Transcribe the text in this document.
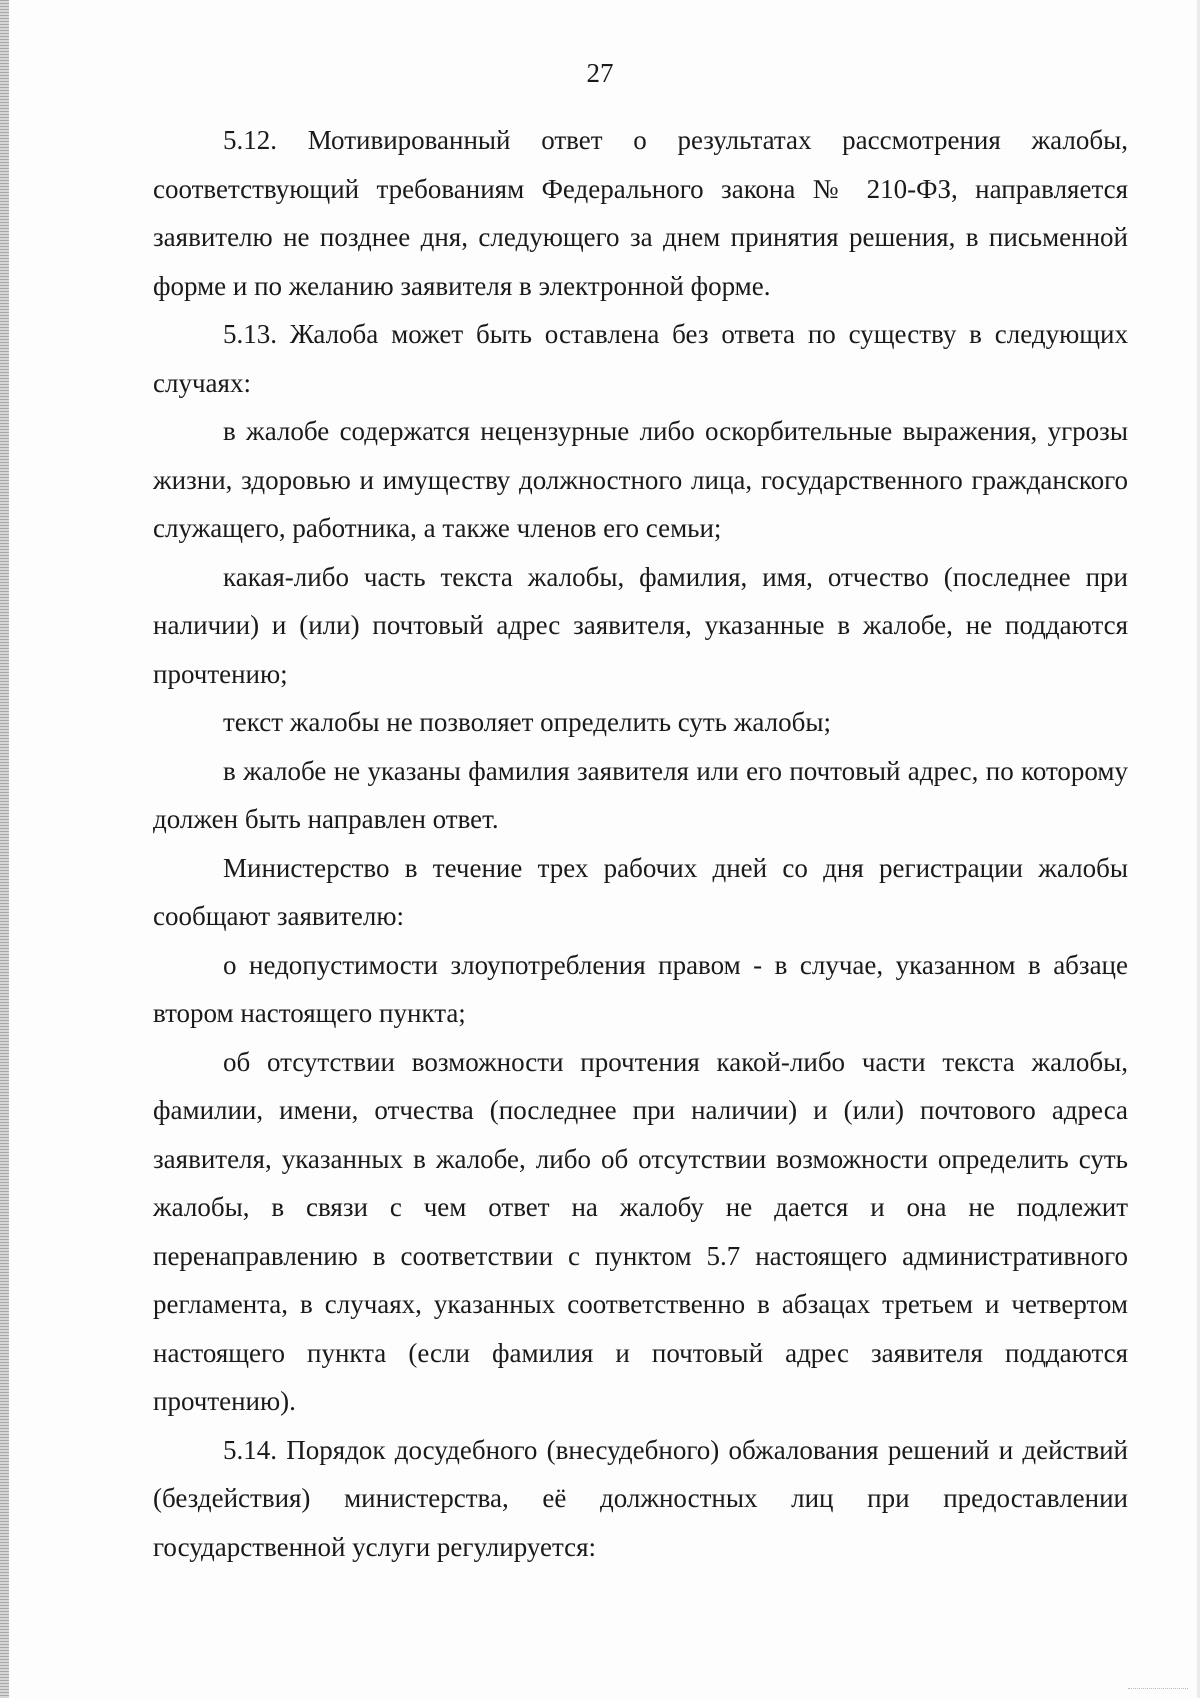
27

5.12. Мотивированный ответ о результатах рассмотрения жалобы, соответствующий требованиям Федерального закона № 210-ФЗ, направляется заявителю не позднее дня, следующего за днем принятия решения, в письменной форме и по желанию заявителя в электронной форме.

5.13. Жалоба может быть оставлена без ответа по существу в следующих случаях:

в жалобе содержатся нецензурные либо оскорбительные выражения, угрозы жизни, здоровью и имуществу должностного лица, государственного гражданского служащего, работника, а также членов его семьи;

какая-либо часть текста жалобы, фамилия, имя, отчество (последнее при наличии) и (или) почтовый адрес заявителя, указанные в жалобе, не поддаются прочтению;

текст жалобы не позволяет определить суть жалобы;

в жалобе не указаны фамилия заявителя или его почтовый адрес, по которому должен быть направлен ответ.

Министерство в течение трех рабочих дней со дня регистрации жалобы сообщают заявителю:

о недопустимости злоупотребления правом - в случае, указанном в абзаце втором настоящего пункта;

об отсутствии возможности прочтения какой-либо части текста жалобы, фамилии, имени, отчества (последнее при наличии) и (или) почтового адреса заявителя, указанных в жалобе, либо об отсутствии возможности определить суть жалобы, в связи с чем ответ на жалобу не дается и она не подлежит перенаправлению в соответствии с пунктом 5.7 настоящего административного регламента, в случаях, указанных соответственно в абзацах третьем и четвертом настоящего пункта (если фамилия и почтовый адрес заявителя поддаются прочтению).

5.14. Порядок досудебного (внесудебного) обжалования решений и действий (бездействия) министерства, её должностных лиц при предоставлении государственной услуги регулируется:
